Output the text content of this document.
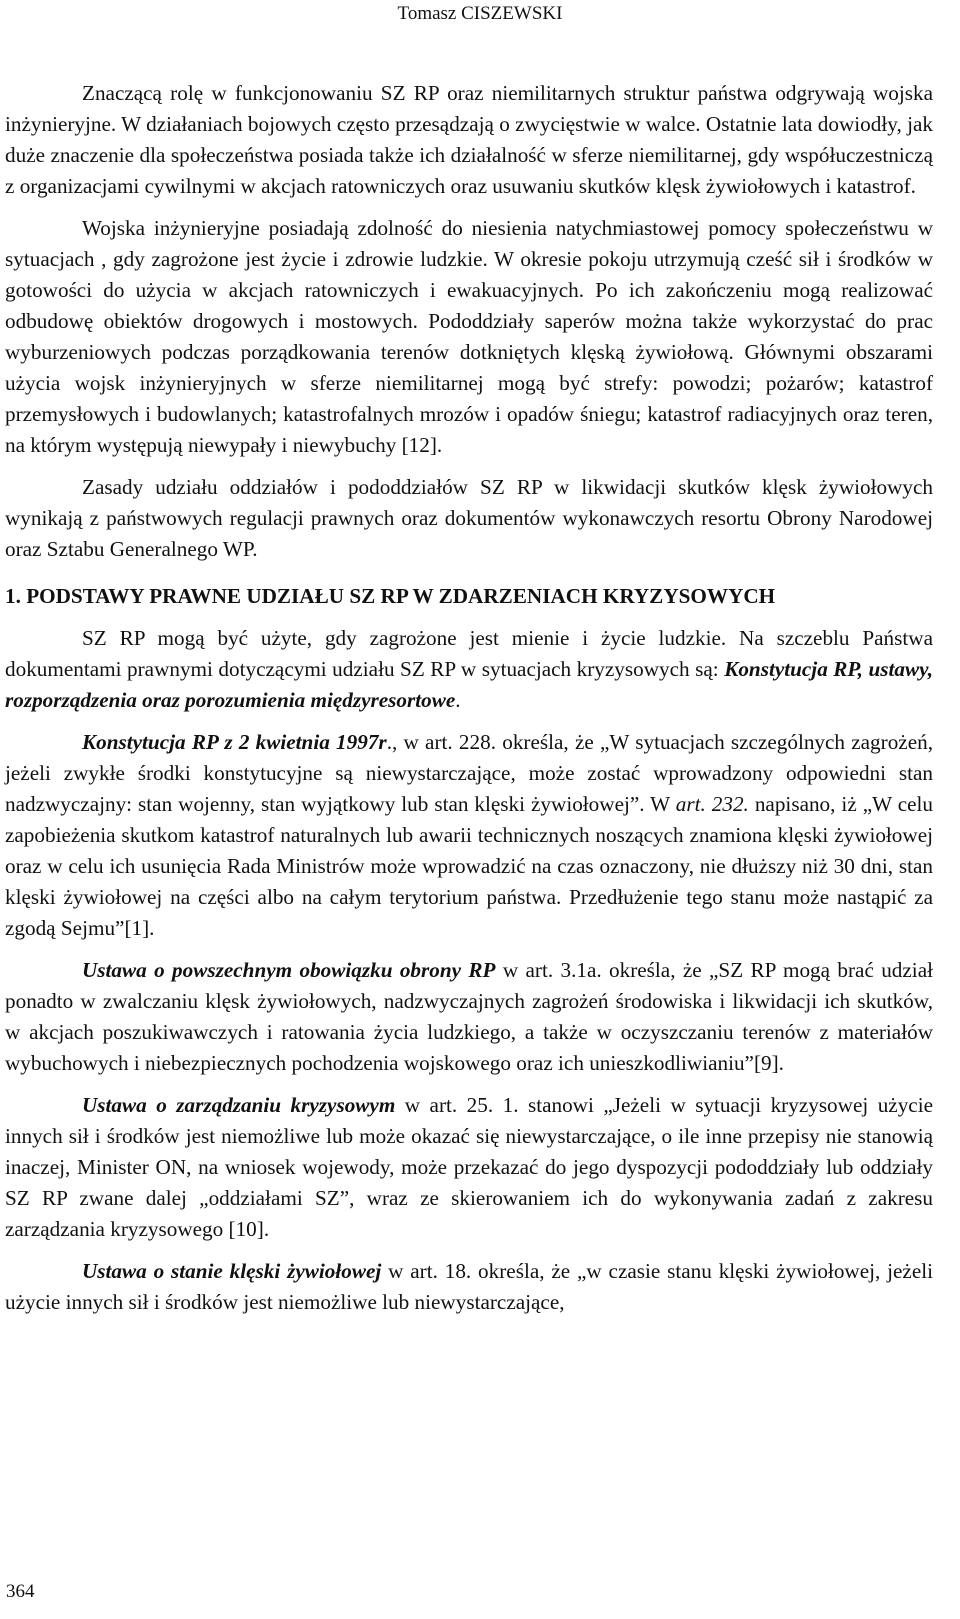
Tomasz CISZEWSKI

Znaczącą rolę w funkcjonowaniu SZ RP oraz niemilitarnych struktur państwa odgrywają wojska inżynieryjne. W działaniach bojowych często przesądzają o zwycięstwie w walce. Ostatnie lata dowiodły, jak duże znaczenie dla społeczeństwa posiada także ich działalność w sferze niemilitarnej, gdy współuczestniczą z organizacjami cywilnymi w akcjach ratowniczych oraz usuwaniu skutków klęsk żywiołowych i katastrof.

Wojska inżynieryjne posiadają zdolność do niesienia natychmiastowej pomocy społeczeństwu w sytuacjach , gdy zagrożone jest życie i zdrowie ludzkie. W okresie pokoju utrzymują cześć sił i środków w gotowości do użycia w akcjach ratowniczych i ewakuacyjnych. Po ich zakończeniu mogą realizować odbudowę obiektów drogowych i mostowych. Pododdziały saperów można także wykorzystać do prac wyburzeniowych podczas porządkowania terenów dotkniętych klęską żywiołową. Głównymi obszarami użycia wojsk inżynieryjnych w sferze niemilitarnej mogą być strefy: powodzi; pożarów; katastrof przemysłowych i budowlanych; katastrofalnych mrozów i opadów śniegu; katastrof radiacyjnych oraz teren, na którym występują niewypały i niewybuchy [12].

Zasady udziału oddziałów i pododdziałów SZ RP w likwidacji skutków klęsk żywiołowych wynikają z państwowych regulacji prawnych oraz dokumentów wykonawczych resortu Obrony Narodowej oraz Sztabu Generalnego WP.

1. PODSTAWY PRAWNE UDZIAŁU SZ RP W ZDARZENIACH KRYZYSOWYCH

SZ RP mogą być użyte, gdy zagrożone jest mienie i życie ludzkie. Na szczeblu Państwa dokumentami prawnymi dotyczącymi udziału SZ RP w sytuacjach kryzysowych są: Konstytucja RP, ustawy, rozporządzenia oraz porozumienia międzyresortowe.

Konstytucja RP z 2 kwietnia 1997r., w art. 228. określa, że „W sytuacjach szczególnych zagrożeń, jeżeli zwykłe środki konstytucyjne są niewystarczające, może zostać wprowadzony odpowiedni stan nadzwyczajny: stan wojenny, stan wyjątkowy lub stan klęski żywiołowej”. W art. 232. napisano, iż „W celu zapobieżenia skutkom katastrof naturalnych lub awarii technicznych noszących znamiona klęski żywiołowej oraz w celu ich usunięcia Rada Ministrów może wprowadzić na czas oznaczony, nie dłuższy niż 30 dni, stan klęski żywiołowej na części albo na całym terytorium państwa. Przedłużenie tego stanu może nastąpić za zgodą Sejmu”[1].

Ustawa o powszechnym obowiązku obrony RP w art. 3.1a. określa, że „SZ RP mogą brać udział ponadto w zwalczaniu klęsk żywiołowych, nadzwyczajnych zagrożeń środowiska i likwidacji ich skutków, w akcjach poszukiwawczych i ratowania życia ludzkiego, a także w oczyszczaniu terenów z materiałów wybuchowych i niebezpiecznych pochodzenia wojskowego oraz ich unieszkodliwianiu”[9].

Ustawa o zarządzaniu kryzysowym w art. 25. 1. stanowi „Jeżeli w sytuacji kryzysowej użycie innych sił i środków jest niemożliwe lub może okazać się niewystarczające, o ile inne przepisy nie stanowią inaczej, Minister ON, na wniosek wojewody, może przekazać do jego dyspozycji pododdziały lub oddziały SZ RP zwane dalej „oddziałami SZ”, wraz ze skierowaniem ich do wykonywania zadań z zakresu zarządzania kryzysowego [10].

Ustawa o stanie klęski żywiołowej w art. 18. określa, że „w czasie stanu klęski żywiołowej, jeżeli użycie innych sił i środków jest niemożliwe lub niewystarczające,

364
